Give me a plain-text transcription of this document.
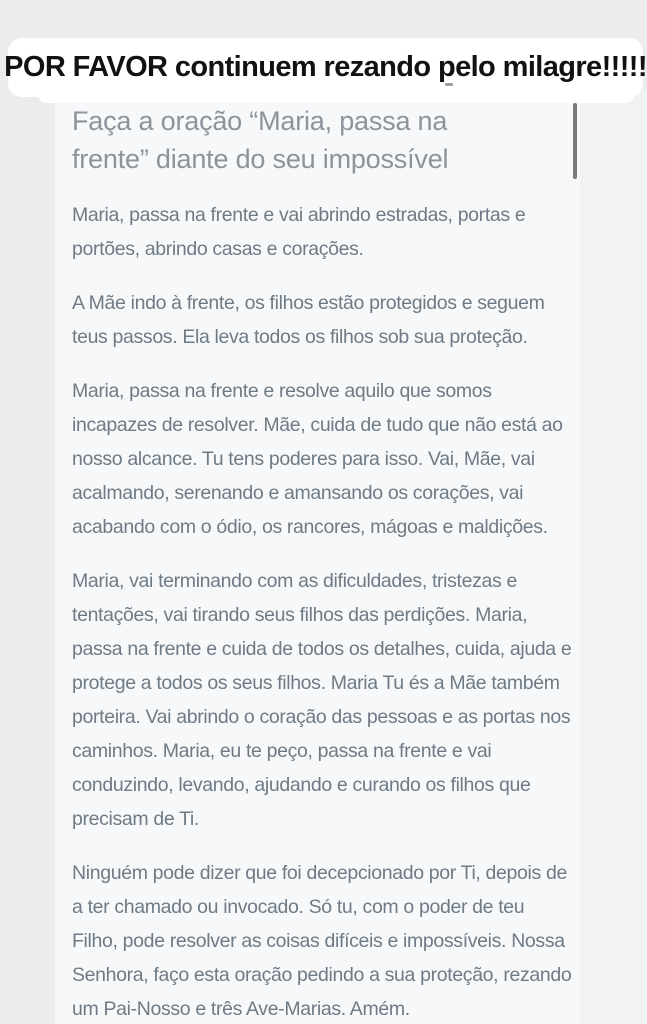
POR FAVOR continuem rezando pelo milagre!!!!!
Faça a oração “Maria, passa na frente” diante do seu impossível

Maria, passa na frente e vai abrindo estradas, portas e portões, abrindo casas e corações.

A Mãe indo à frente, os filhos estão protegidos e seguem teus passos. Ela leva todos os filhos sob sua proteção.

Maria, passa na frente e resolve aquilo que somos incapazes de resolver. Mãe, cuida de tudo que não está ao nosso alcance. Tu tens poderes para isso. Vai, Mãe, vai acalmando, serenando e amansando os corações, vai acabando com o ódio, os rancores, mágoas e maldições.

Maria, vai terminando com as dificuldades, tristezas e tentações, vai tirando seus filhos das perdições. Maria, passa na frente e cuida de todos os detalhes, cuida, ajuda e protege a todos os seus filhos. Maria Tu és a Mãe também porteira. Vai abrindo o coração das pessoas e as portas nos caminhos. Maria, eu te peço, passa na frente e vai conduzindo, levando, ajudando e curando os filhos que precisam de Ti.

Ninguém pode dizer que foi decepcionado por Ti, depois de a ter chamado ou invocado. Só tu, com o poder de teu Filho, pode resolver as coisas difíceis e impossíveis. Nossa Senhora, faço esta oração pedindo a sua proteção, rezando um Pai-Nosso e três Ave-Marias. Amém.
